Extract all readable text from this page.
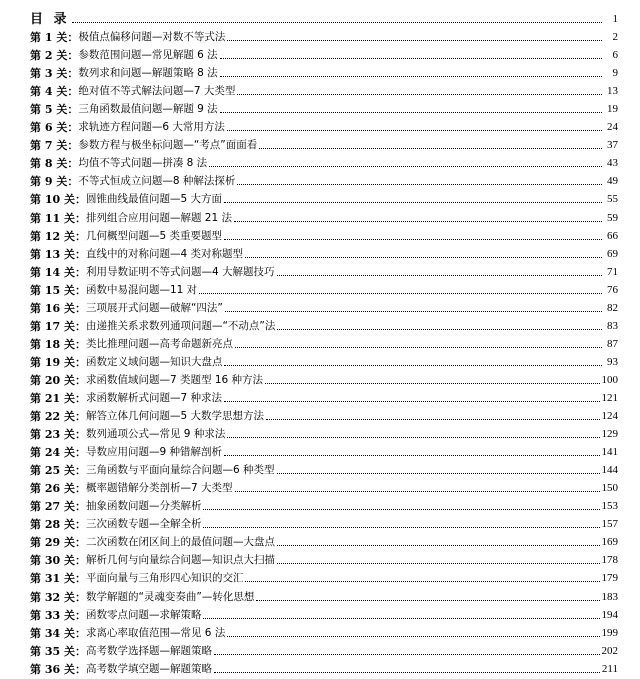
目 录	1
第 1 关： 极值点偏移问题—对数不等式法	2
第 2 关： 参数范围问题—常见解题 6 法	6
第 3 关： 数列求和问题—解题策略 8 法	9
第 4 关： 绝对值不等式解法问题—7 大类型	13
第 5 关： 三角函数最值问题—解题 9 法	19
第 6 关： 求轨迹方程问题—6 大常用方法	24
第 7 关： 参数方程与极坐标问题—“考点”面面看	37
第 8 关： 均值不等式问题—拼凑 8 法	43
第 9 关： 不等式恒成立问题—8 种解法探析	49
第 10 关： 圆锥曲线最值问题—5 大方面	55
第 11 关： 排列组合应用问题—解题 21 法	59
第 12 关： 几何概型问题—5 类重要题型	66
第 13 关： 直线中的对称问题—4 类对称题型	69
第 14 关： 利用导数证明不等式问题—4 大解题技巧	71
第 15 关： 函数中易混问题—11 对	76
第 16 关： 三项展开式问题—破解“四法”	82
第 17 关： 由递推关系求数列通项问题—“不动点”法	83
第 18 关： 类比推理问题—高考命题新亮点	87
第 19 关： 函数定义域问题—知识大盘点	93
第 20 关： 求函数值域问题—7 类题型 16 种方法	100
第 21 关： 求函数解析式问题—7 种求法	121
第 22 关： 解答立体几何问题—5 大数学思想方法	124
第 23 关： 数列通项公式—常见 9 种求法	129
第 24 关： 导数应用问题—9 种错解剖析	141
第 25 关： 三角函数与平面向量综合问题—6 种类型	144
第 26 关： 概率题错解分类剖析—7 大类型	150
第 27 关： 抽象函数问题—分类解析	153
第 28 关： 三次函数专题—全解全析	157
第 29 关： 二次函数在闭区间上的最值问题—大盘点	169
第 30 关： 解析几何与向量综合问题—知识点大扫描	178
第 31 关： 平面向量与三角形四心知识的交汇	179
第 32 关： 数学解题的“灵魂变奏曲”—转化思想	183
第 33 关： 函数零点问题—求解策略	194
第 34 关： 求离心率取值范围—常见 6 法	199
第 35 关： 高考数学选择题—解题策略	202
第 36 关： 高考数学填空题—解题策略	211
